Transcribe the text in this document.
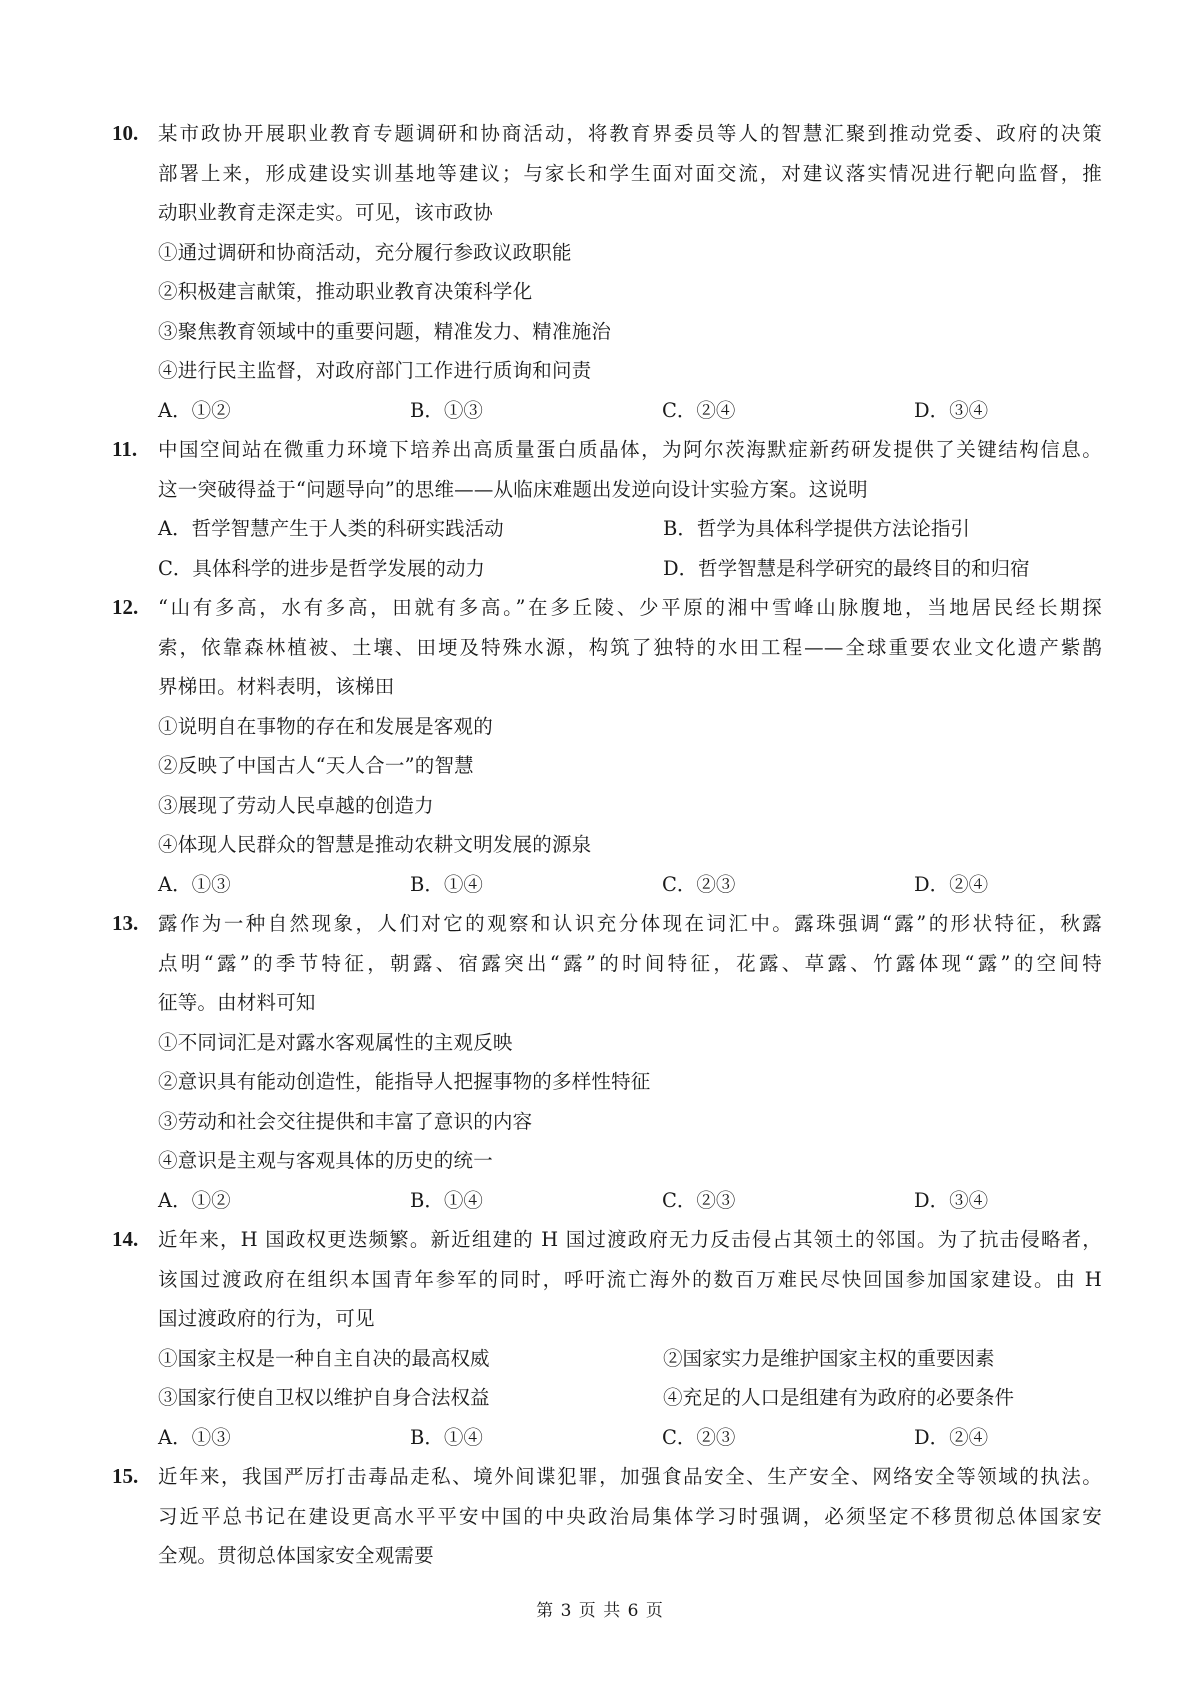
10. 某市政协开展职业教育专题调研和协商活动，将教育界委员等人的智慧汇聚到推动党委、政府的决策
部署上来，形成建设实训基地等建议；与家长和学生面对面交流，对建议落实情况进行靶向监督，推
动职业教育走深走实。可见，该市政协
①通过调研和协商活动，充分履行参政议政职能
②积极建言献策，推动职业教育决策科学化
③聚焦教育领域中的重要问题，精准发力、精准施治
④进行民主监督，对政府部门工作进行质询和问责
A．①②	B．①③	C．②④	D．③④
11. 中国空间站在微重力环境下培养出高质量蛋白质晶体，为阿尔茨海默症新药研发提供了关键结构信息。
这一突破得益于“问题导向”的思维——从临床难题出发逆向设计实验方案。这说明
A．哲学智慧产生于人类的科研实践活动	B．哲学为具体科学提供方法论指引
C．具体科学的进步是哲学发展的动力	D．哲学智慧是科学研究的最终目的和归宿
12. “山有多高，水有多高，田就有多高。”在多丘陵、少平原的湘中雪峰山脉腹地，当地居民经长期探
索，依靠森林植被、土壤、田埂及特殊水源，构筑了独特的水田工程——全球重要农业文化遗产紫鹊
界梯田。材料表明，该梯田
①说明自在事物的存在和发展是客观的
②反映了中国古人“天人合一”的智慧
③展现了劳动人民卓越的创造力
④体现人民群众的智慧是推动农耕文明发展的源泉
A．①③	B．①④	C．②③	D．②④
13. 露作为一种自然现象，人们对它的观察和认识充分体现在词汇中。露珠强调“露”的形状特征，秋露
点明“露”的季节特征，朝露、宿露突出“露”的时间特征，花露、草露、竹露体现“露”的空间特
征等。由材料可知
①不同词汇是对露水客观属性的主观反映
②意识具有能动创造性，能指导人把握事物的多样性特征
③劳动和社会交往提供和丰富了意识的内容
④意识是主观与客观具体的历史的统一
A．①②	B．①④	C．②③	D．③④
14. 近年来，H 国政权更迭频繁。新近组建的 H 国过渡政府无力反击侵占其领土的邻国。为了抗击侵略者，
该国过渡政府在组织本国青年参军的同时，呼吁流亡海外的数百万难民尽快回国参加国家建设。由 H
国过渡政府的行为，可见
①国家主权是一种自主自决的最高权威	②国家实力是维护国家主权的重要因素
③国家行使自卫权以维护自身合法权益	④充足的人口是组建有为政府的必要条件
A．①③	B．①④	C．②③	D．②④
15. 近年来，我国严厉打击毒品走私、境外间谍犯罪，加强食品安全、生产安全、网络安全等领域的执法。
习近平总书记在建设更高水平平安中国的中央政治局集体学习时强调，必须坚定不移贯彻总体国家安
全观。贯彻总体国家安全观需要
第 3 页 共 6 页
